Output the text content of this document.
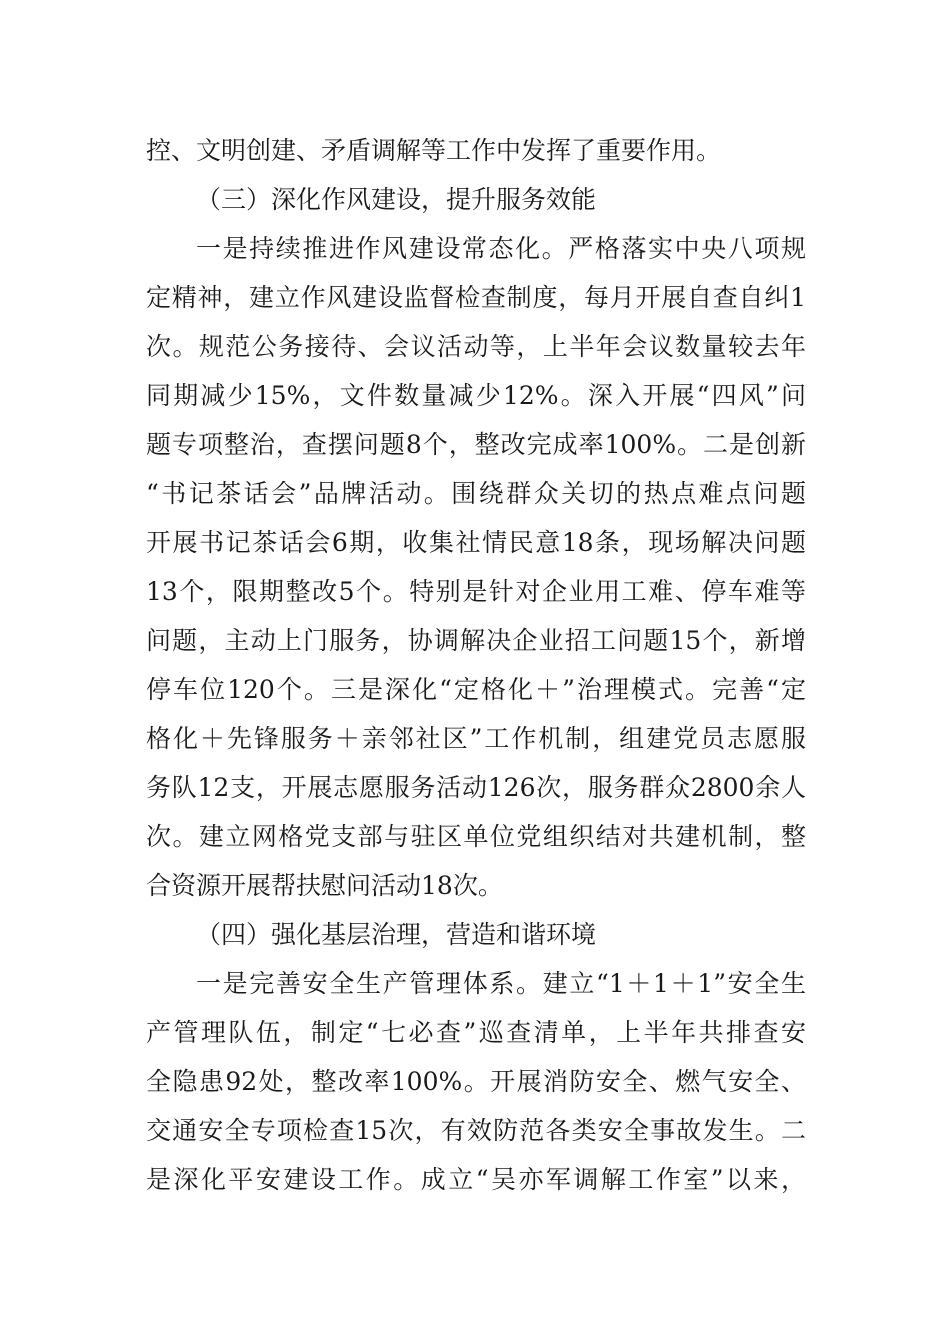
控、文明创建、矛盾调解等工作中发挥了重要作用。
（三）深化作风建设，提升服务效能
一是持续推进作风建设常态化。严格落实中央八项规
定精神，建立作风建设监督检查制度，每月开展自查自纠1
次。规范公务接待、会议活动等，上半年会议数量较去年
同期减少15%，文件数量减少12%。深入开展“四风”问
题专项整治，查摆问题8个，整改完成率100%。二是创新
“书记茶话会”品牌活动。围绕群众关切的热点难点问题
开展书记茶话会6期，收集社情民意18条，现场解决问题
13个，限期整改5个。特别是针对企业用工难、停车难等
问题，主动上门服务，协调解决企业招工问题15个，新增
停车位120个。三是深化“定格化＋”治理模式。完善“定
格化＋先锋服务＋亲邻社区”工作机制，组建党员志愿服
务队12支，开展志愿服务活动126次，服务群众2800余人
次。建立网格党支部与驻区单位党组织结对共建机制，整
合资源开展帮扶慰问活动18次。
（四）强化基层治理，营造和谐环境
一是完善安全生产管理体系。建立“1＋1＋1”安全生
产管理队伍，制定“七必查”巡查清单，上半年共排查安
全隐患92处，整改率100%。开展消防安全、燃气安全、
交通安全专项检查15次，有效防范各类安全事故发生。二
是深化平安建设工作。成立“吴亦军调解工作室”以来，
